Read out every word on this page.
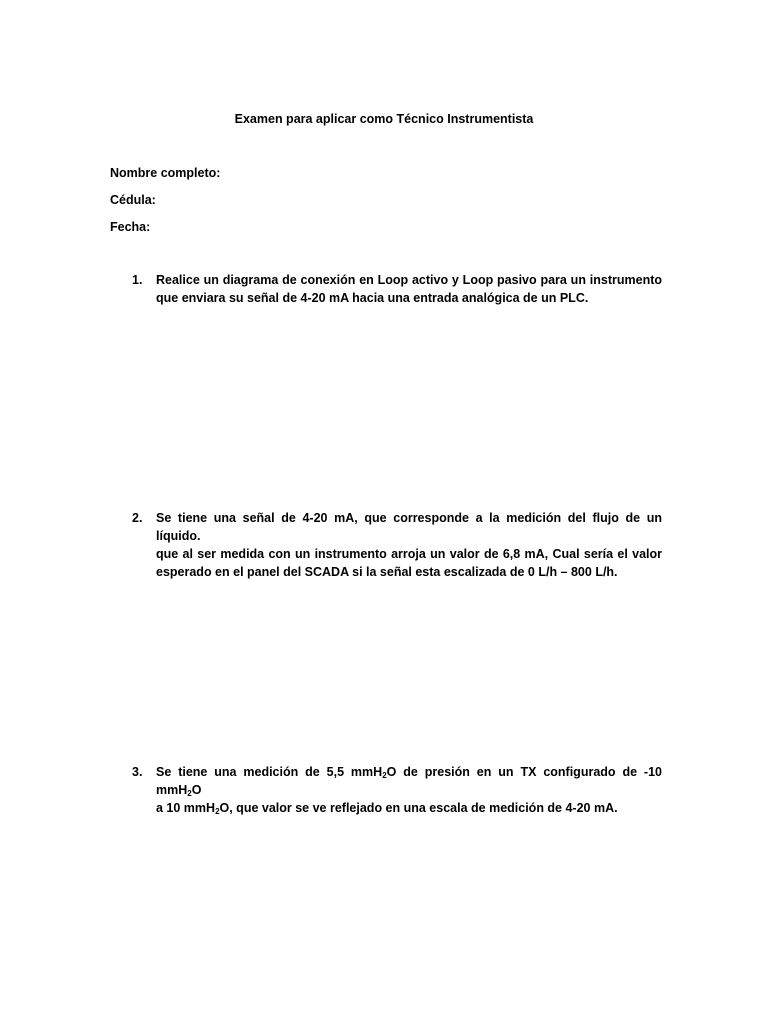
Examen para aplicar como Técnico Instrumentista
Nombre completo:
Cédula:
Fecha:
1.	Realice un diagrama de conexión en Loop activo y Loop pasivo para un instrumento
que enviara su señal de 4-20 mA hacia una entrada analógica de un PLC.
2.	Se tiene una señal de 4-20 mA, que corresponde a la medición del flujo de un líquido.
que al ser medida con un instrumento arroja un valor de 6,8 mA, Cual sería el valor
esperado en el panel del SCADA si la señal esta escalizada de 0 L/h – 800 L/h.
3.	Se tiene una medición de 5,5 mmH$_2$O de presión en un TX configurado de -10 mmH$_2$O
a 10 mmH$_2$O, que valor se ve reflejado en una escala de medición de 4-20 mA.
